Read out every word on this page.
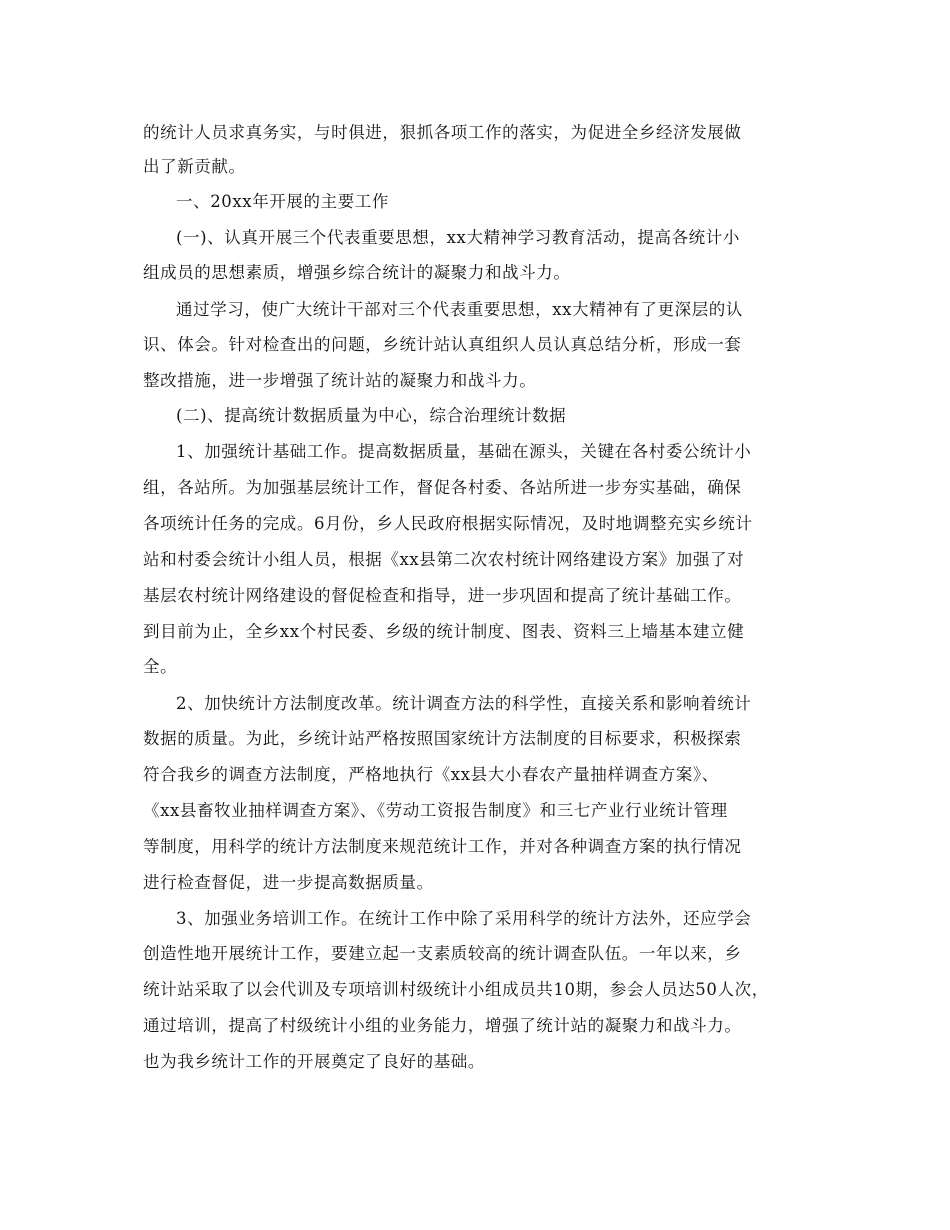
的统计人员求真务实，与时俱进，狠抓各项工作的落实，为促进全乡经济发展做
出了新贡献。
一、20xx年开展的主要工作
(一)、认真开展三个代表重要思想，xx大精神学习教育活动，提高各统计小
组成员的思想素质，增强乡综合统计的凝聚力和战斗力。
通过学习，使广大统计干部对三个代表重要思想，xx大精神有了更深层的认
识、体会。针对检查出的问题，乡统计站认真组织人员认真总结分析，形成一套
整改措施，进一步增强了统计站的凝聚力和战斗力。
(二)、提高统计数据质量为中心，综合治理统计数据
1、加强统计基础工作。提高数据质量，基础在源头，关键在各村委公统计小
组，各站所。为加强基层统计工作，督促各村委、各站所进一步夯实基础，确保
各项统计任务的完成。6月份，乡人民政府根据实际情况，及时地调整充实乡统计
站和村委会统计小组人员，根据《xx县第二次农村统计网络建设方案》加强了对
基层农村统计网络建设的督促检查和指导，进一步巩固和提高了统计基础工作。
到目前为止，全乡xx个村民委、乡级的统计制度、图表、资料三上墙基本建立健
全。
2、加快统计方法制度改革。统计调查方法的科学性，直接关系和影响着统计
数据的质量。为此，乡统计站严格按照国家统计方法制度的目标要求，积极探索
符合我乡的调查方法制度，严格地执行《xx县大小春农产量抽样调查方案》、
《xx县畜牧业抽样调查方案》、《劳动工资报告制度》和三七产业行业统计管理
等制度，用科学的统计方法制度来规范统计工作，并对各种调查方案的执行情况
进行检查督促，进一步提高数据质量。
3、加强业务培训工作。在统计工作中除了采用科学的统计方法外，还应学会
创造性地开展统计工作，要建立起一支素质较高的统计调查队伍。一年以来，乡
统计站采取了以会代训及专项培训村级统计小组成员共10期，参会人员达50人次，
通过培训，提高了村级统计小组的业务能力，增强了统计站的凝聚力和战斗力。
也为我乡统计工作的开展奠定了良好的基础。
